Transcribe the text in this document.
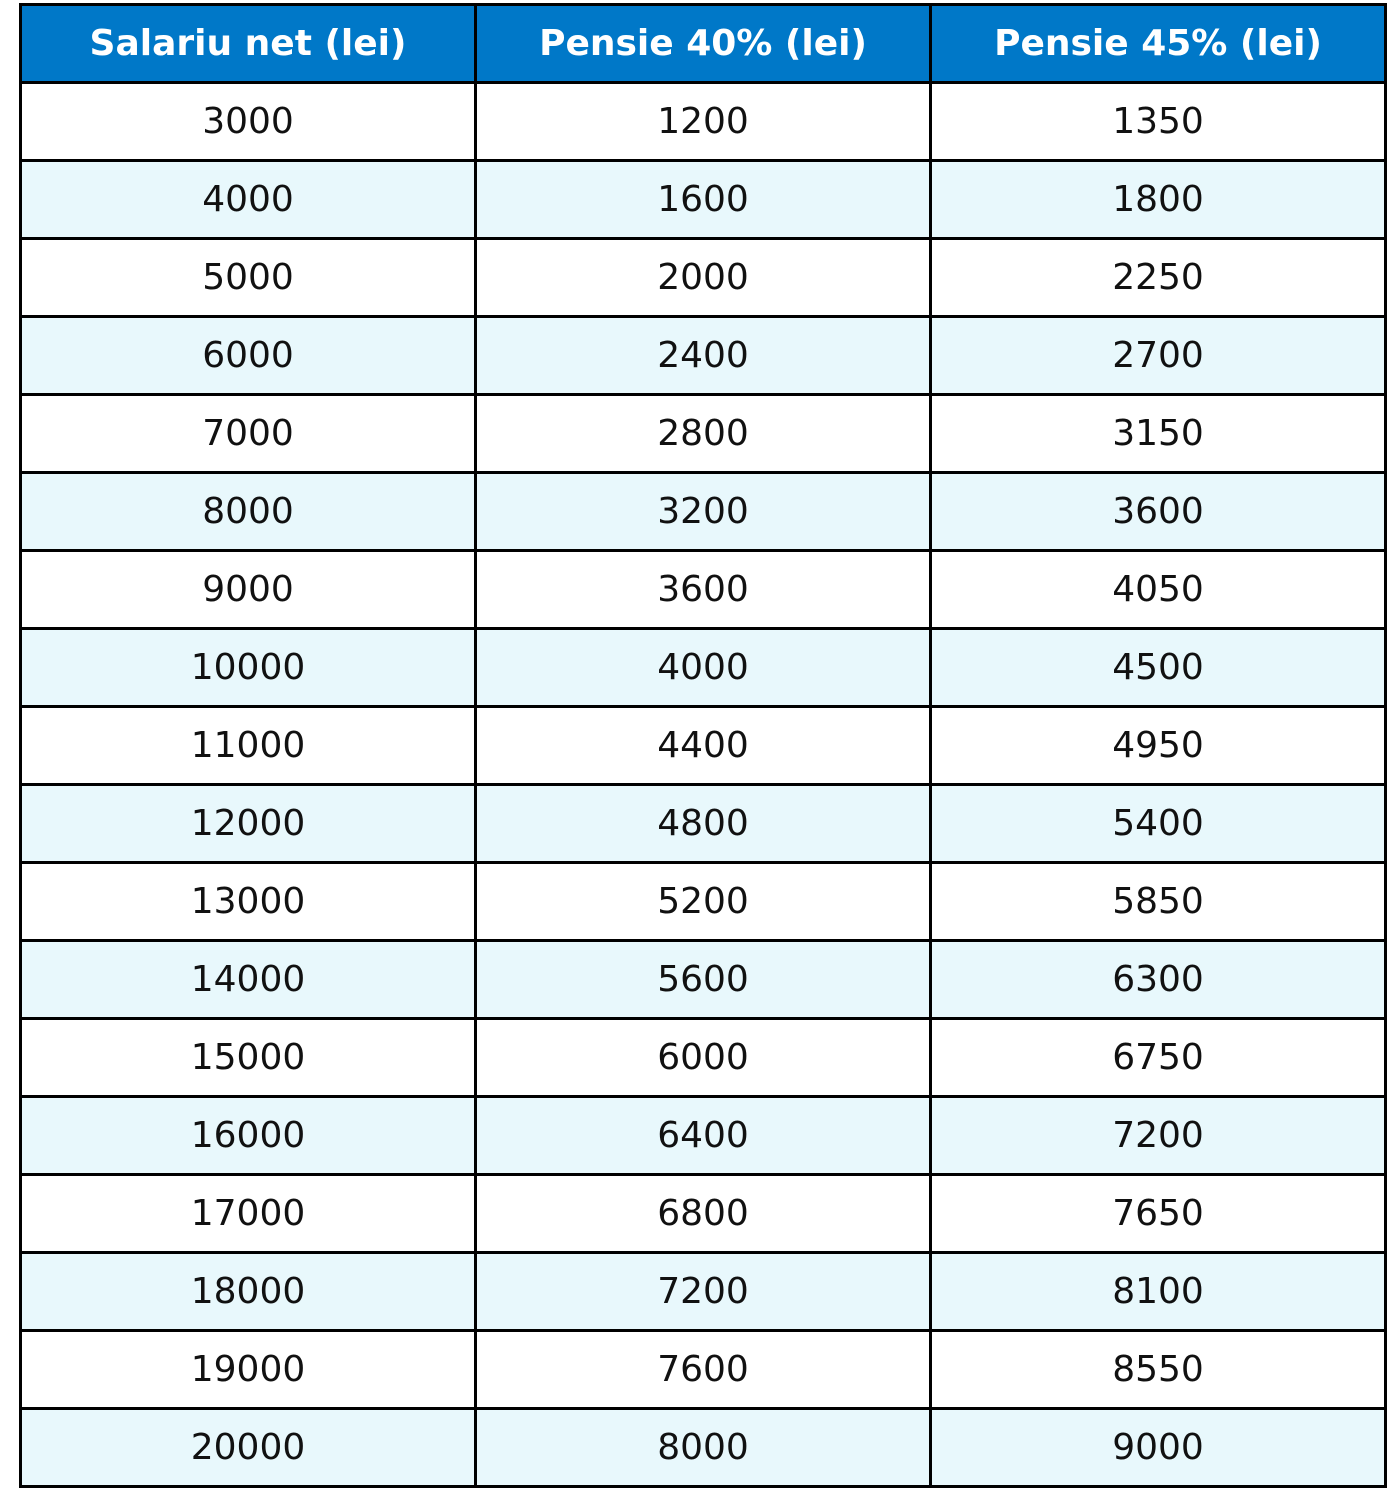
Salariu net (lei)	Pensie 40% (lei)	Pensie 45% (lei)
3000	1200	1350
4000	1600	1800
5000	2000	2250
6000	2400	2700
7000	2800	3150
8000	3200	3600
9000	3600	4050
10000	4000	4500
11000	4400	4950
12000	4800	5400
13000	5200	5850
14000	5600	6300
15000	6000	6750
16000	6400	7200
17000	6800	7650
18000	7200	8100
19000	7600	8550
20000	8000	9000
